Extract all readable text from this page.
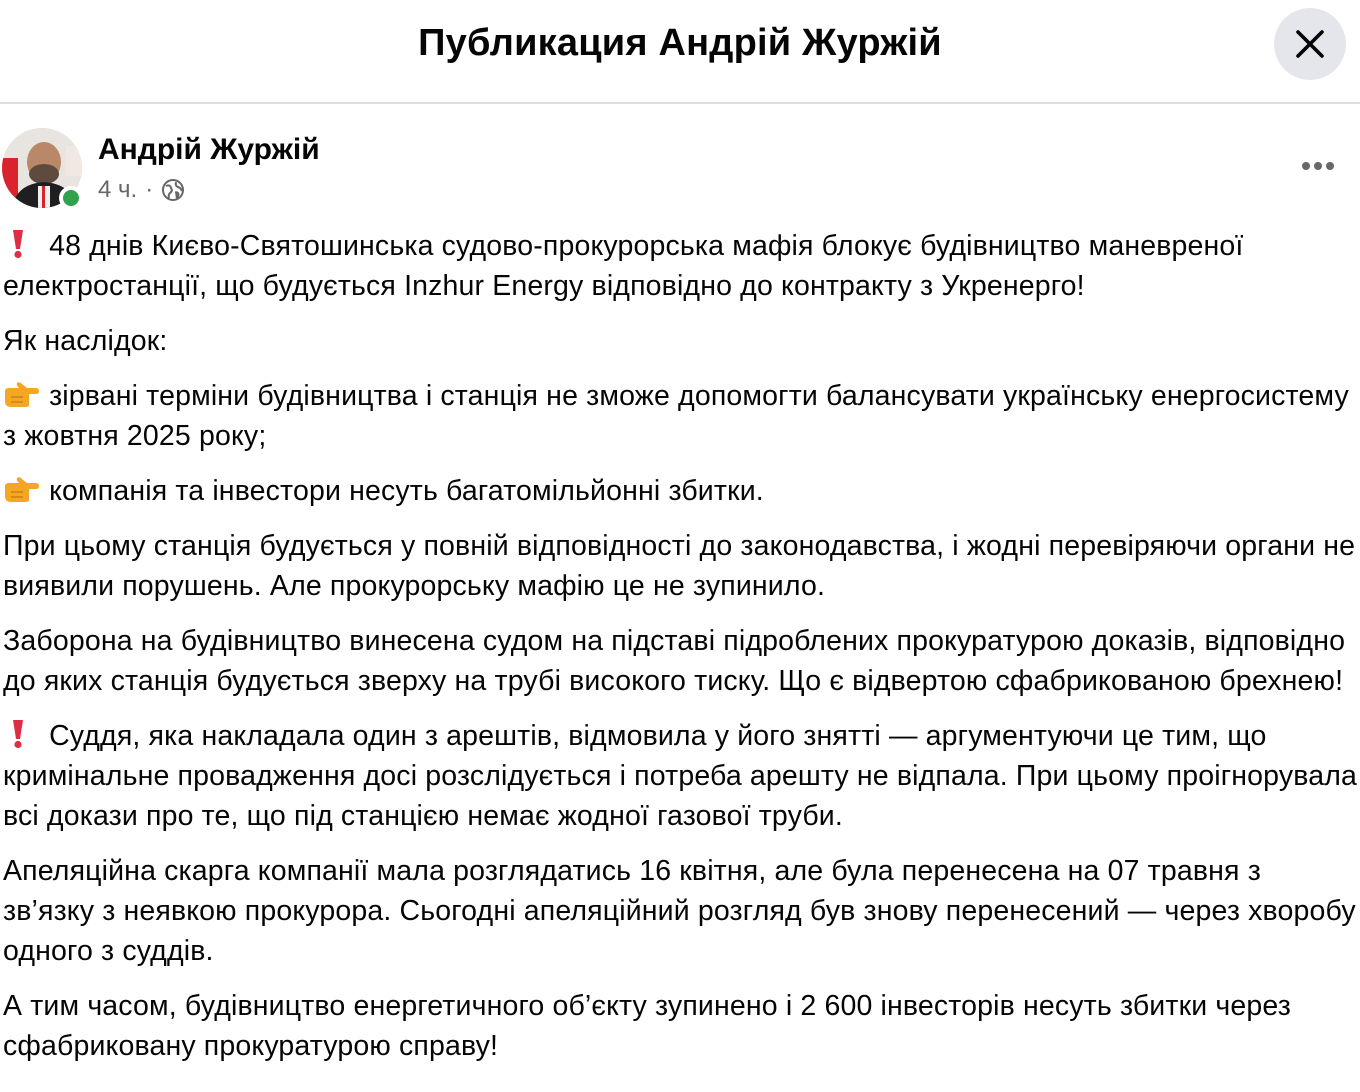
Публикация Андрій Журжій
Андрій Журжій
4 ч. ·

48 днів Києво-Святошинська судово-прокурорська мафія блокує будівництво маневреної електростанції, що будується Inzhur Energy відповідно до контракту з Укренерго!

Як наслідок:

зірвані терміни будівництва і станція не зможе допомогти балансувати українську енергосистему з жовтня 2025 року;

компанія та інвестори несуть багатомільйонні збитки.

При цьому станція будується у повній відповідності до законодавства, і жодні перевіряючи органи не виявили порушень. Але прокурорську мафію це не зупинило.

Заборона на будівництво винесена судом на підставі підроблених прокуратурою доказів, відповідно до яких станція будується зверху на трубі високого тиску. Що є відвертою сфабрикованою брехнею!

Суддя, яка накладала один з арештів, відмовила у його знятті — аргументуючи це тим, що кримінальне провадження досі розслідується і потреба арешту не відпала. При цьому проігнорувала всі докази про те, що під станцією немає жодної газової труби.

Апеляційна скарга компанії мала розглядатись 16 квітня, але була перенесена на 07 травня з зв’язку з неявкою прокурора. Сьогодні апеляційний розгляд був знову перенесений — через хворобу одного з суддів.

А тим часом, будівництво енергетичного об’єкту зупинено і 2 600 інвесторів несуть збитки через сфабриковану прокуратурою справу!
